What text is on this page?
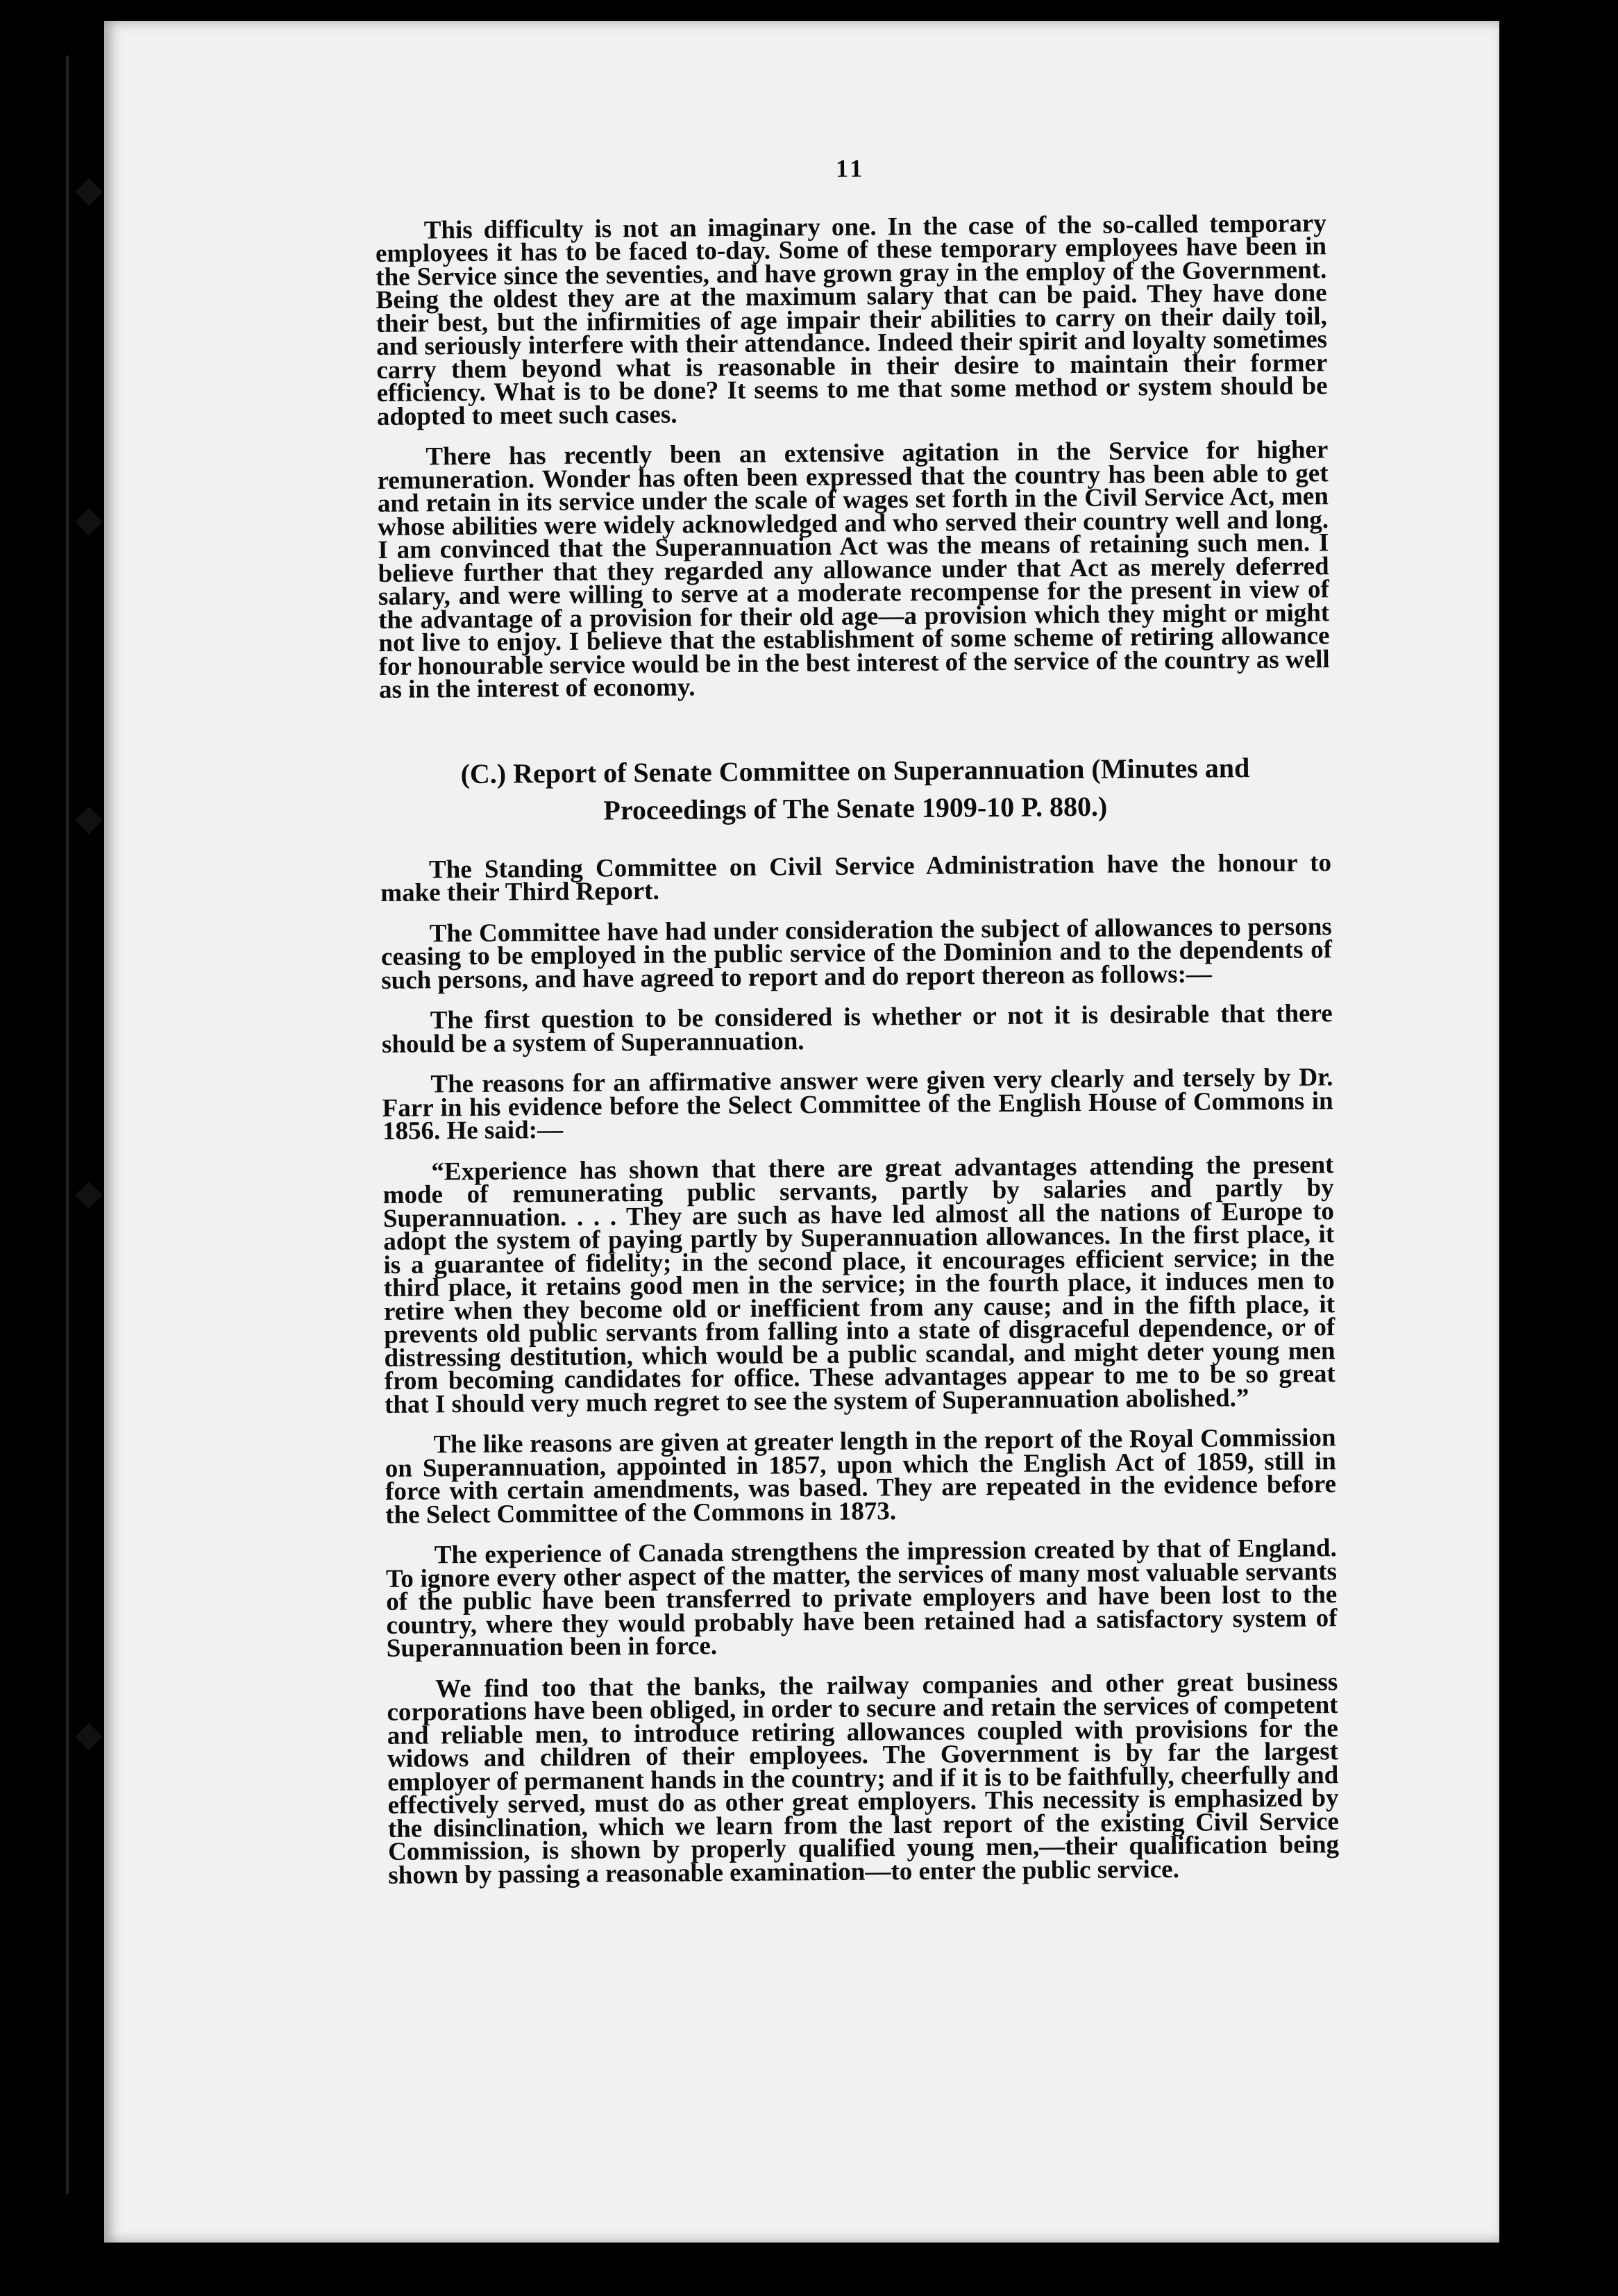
◆
◆
◆
◆
◆
11

This difficulty is not an imaginary one. In the case of the so-called temporary employees it has to be faced to-day. Some of these temporary employees have been in the Service since the seventies, and have grown gray in the employ of the Government. Being the oldest they are at the maximum salary that can be paid. They have done their best, but the infirmities of age impair their abilities to carry on their daily toil, and seriously interfere with their attendance. Indeed their spirit and loyalty sometimes carry them beyond what is reasonable in their desire to maintain their former efficiency. What is to be done? It seems to me that some method or system should be adopted to meet such cases.

There has recently been an extensive agitation in the Service for higher remuneration. Wonder has often been expressed that the country has been able to get and retain in its service under the scale of wages set forth in the Civil Service Act, men whose abilities were widely acknowledged and who served their country well and long. I am convinced that the Superannuation Act was the means of retaining such men. I believe further that they regarded any allowance under that Act as merely deferred salary, and were willing to serve at a moderate recompense for the present in view of the advantage of a provision for their old age—a provision which they might or might not live to enjoy. I believe that the establishment of some scheme of retiring allowance for honourable service would be in the best interest of the service of the country as well as in the interest of economy.

(C.) Report of Senate Committee on Superannuation (Minutes and Proceedings of The Senate 1909-10 P. 880.)

The Standing Committee on Civil Service Administration have the honour to make their Third Report.

The Committee have had under consideration the subject of allowances to persons ceasing to be employed in the public service of the Dominion and to the dependents of such persons, and have agreed to report and do report thereon as follows:—

The first question to be considered is whether or not it is desirable that there should be a system of Superannuation.

The reasons for an affirmative answer were given very clearly and tersely by Dr. Farr in his evidence before the Select Committee of the English House of Commons in 1856. He said:—

“Experience has shown that there are great advantages attending the present mode of remunerating public servants, partly by salaries and partly by Superannuation. . . . They are such as have led almost all the nations of Europe to adopt the system of paying partly by Superannuation allowances. In the first place, it is a guarantee of fidelity; in the second place, it encourages efficient service; in the third place, it retains good men in the service; in the fourth place, it induces men to retire when they become old or inefficient from any cause; and in the fifth place, it prevents old public servants from falling into a state of disgraceful dependence, or of distressing destitution, which would be a public scandal, and might deter young men from becoming candidates for office. These advantages appear to me to be so great that I should very much regret to see the system of Superannuation abolished.”

The like reasons are given at greater length in the report of the Royal Commission on Superannuation, appointed in 1857, upon which the English Act of 1859, still in force with certain amendments, was based. They are repeated in the evidence before the Select Committee of the Commons in 1873.

The experience of Canada strengthens the impression created by that of England. To ignore every other aspect of the matter, the services of many most valuable servants of the public have been transferred to private employers and have been lost to the country, where they would probably have been retained had a satisfactory system of Superannuation been in force.

We find too that the banks, the railway companies and other great business corporations have been obliged, in order to secure and retain the services of competent and reliable men, to introduce retiring allowances coupled with provisions for the widows and children of their employees. The Government is by far the largest employer of permanent hands in the country; and if it is to be faithfully, cheerfully and effectively served, must do as other great employers. This necessity is emphasized by the disinclination, which we learn from the last report of the existing Civil Service Commission, is shown by properly qualified young men,—their qualification being shown by passing a reasonable examination—to enter the public service.
